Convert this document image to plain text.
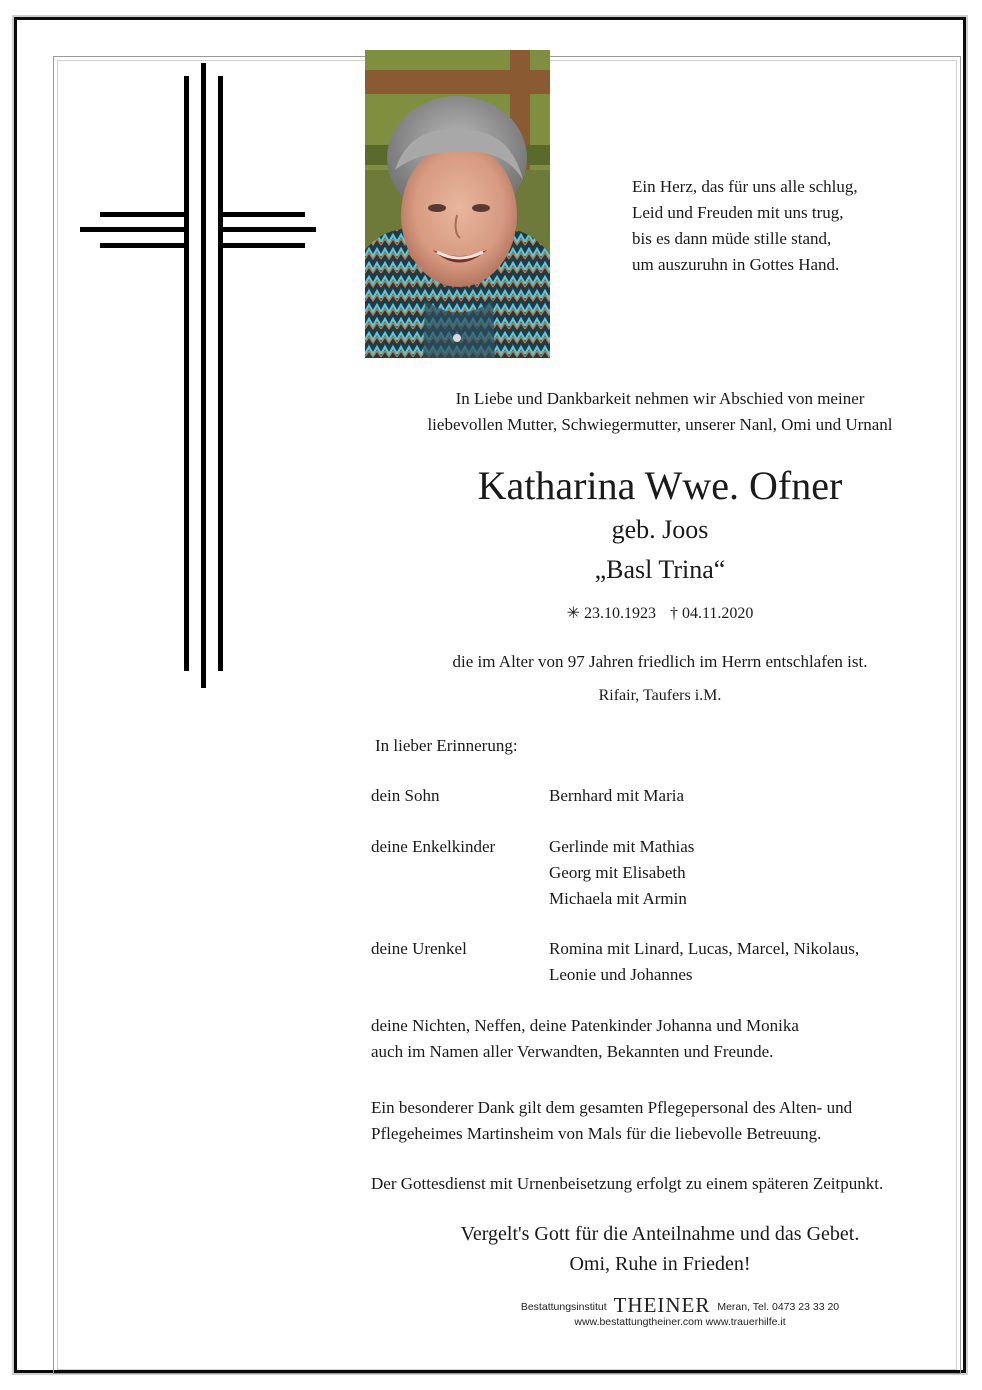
Ein Herz, das für uns alle schlug,
Leid und Freuden mit uns trug,
bis es dann müde stille stand,
um auszuruhn in Gottes Hand.
In Liebe und Dankbarkeit nehmen wir Abschied von meiner
liebevollen Mutter, Schwiegermutter, unserer Nanl, Omi und Urnanl
Katharina Wwe. Ofner
geb. Joos
„Basl Trina“
✳ 23.10.1923 † 04.11.2020
die im Alter von 97 Jahren friedlich im Herrn entschlafen ist.
Rifair, Taufers i.M.
In lieber Erinnerung:
dein Sohn	Bernhard mit Maria
deine Enkelkinder	Gerlinde mit Mathias
Georg mit Elisabeth
Michaela mit Armin
deine Urenkel	Romina mit Linard, Lucas, Marcel, Nikolaus,
Leonie und Johannes
deine Nichten, Neffen, deine Patenkinder Johanna und Monika
auch im Namen aller Verwandten, Bekannten und Freunde.
Ein besonderer Dank gilt dem gesamten Pflegepersonal des Alten- und
Pflegeheimes Martinsheim von Mals für die liebevolle Betreuung.
Der Gottesdienst mit Urnenbeisetzung erfolgt zu einem späteren Zeitpunkt.
Vergelt's Gott für die Anteilnahme und das Gebet.
Omi, Ruhe in Frieden!
Bestattungsinstitut THEINER Meran, Tel. 0473 23 33 20
www.bestattungtheiner.com www.trauerhilfe.it
